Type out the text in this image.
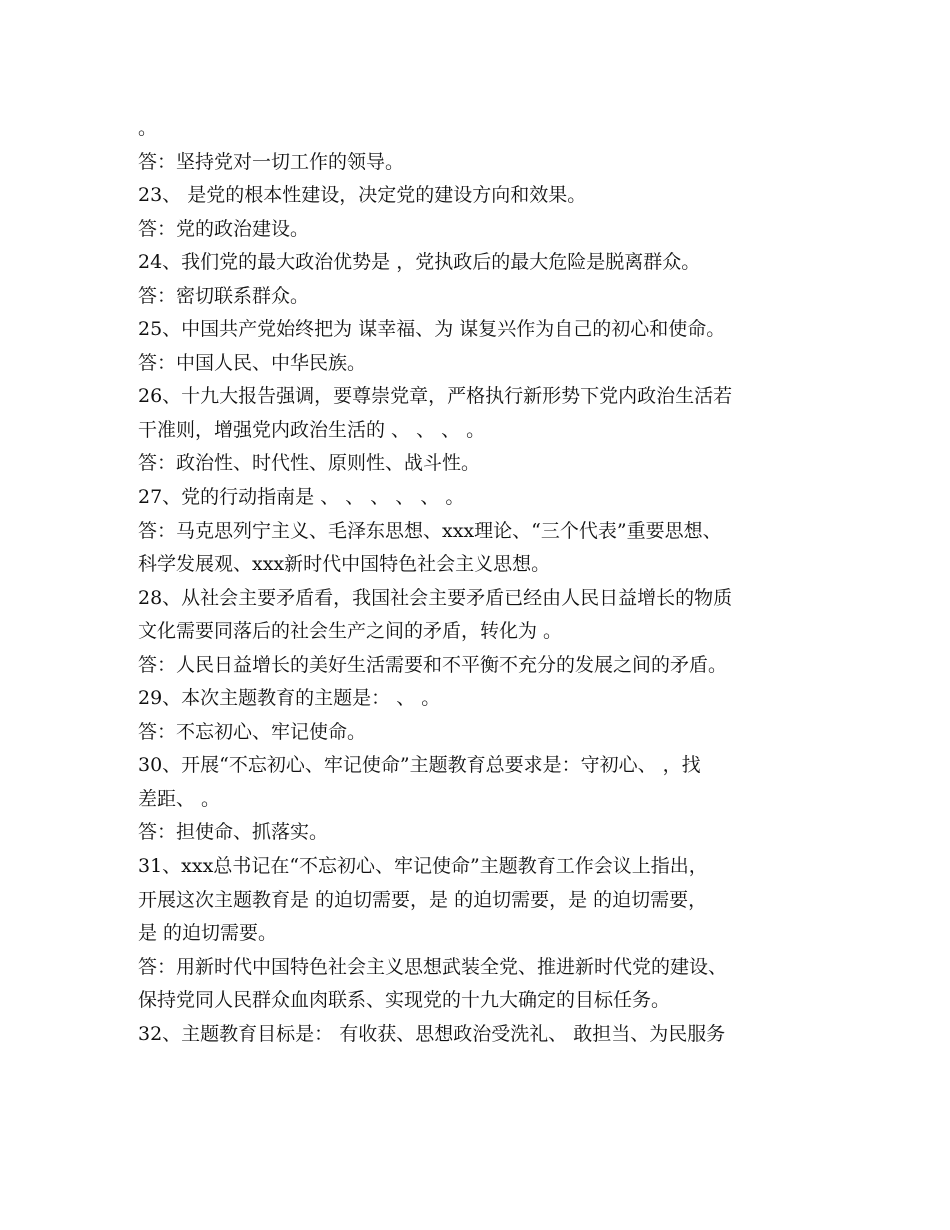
。

答：坚持党对一切工作的领导。

23、 是党的根本性建设，决定党的建设方向和效果。

答：党的政治建设。

24、我们党的最大政治优势是 ，党执政后的最大危险是脱离群众。

答：密切联系群众。

25、中国共产党始终把为 谋幸福、为 谋复兴作为自己的初心和使命。

答：中国人民、中华民族。

26、十九大报告强调，要尊崇党章，严格执行新形势下党内政治生活若

干准则，增强党内政治生活的 、 、 、 。

答：政治性、时代性、原则性、战斗性。

27、党的行动指南是 、 、 、 、 、 。

答：马克思列宁主义、毛泽东思想、xxx理论、“三个代表”重要思想、

科学发展观、xxx新时代中国特色社会主义思想。

28、从社会主要矛盾看，我国社会主要矛盾已经由人民日益增长的物质

文化需要同落后的社会生产之间的矛盾，转化为 。

答：人民日益增长的美好生活需要和不平衡不充分的发展之间的矛盾。

29、本次主题教育的主题是： 、 。

答：不忘初心、牢记使命。

30、开展“不忘初心、牢记使命”主题教育总要求是：守初心、 ，找

差距、 。

答：担使命、抓落实。

31、xxx总书记在“不忘初心、牢记使命”主题教育工作会议上指出，

开展这次主题教育是 的迫切需要，是 的迫切需要，是 的迫切需要，

是 的迫切需要。

答：用新时代中国特色社会主义思想武装全党、推进新时代党的建设、

保持党同人民群众血肉联系、实现党的十九大确定的目标任务。

32、主题教育目标是： 有收获、思想政治受洗礼、 敢担当、为民服务
